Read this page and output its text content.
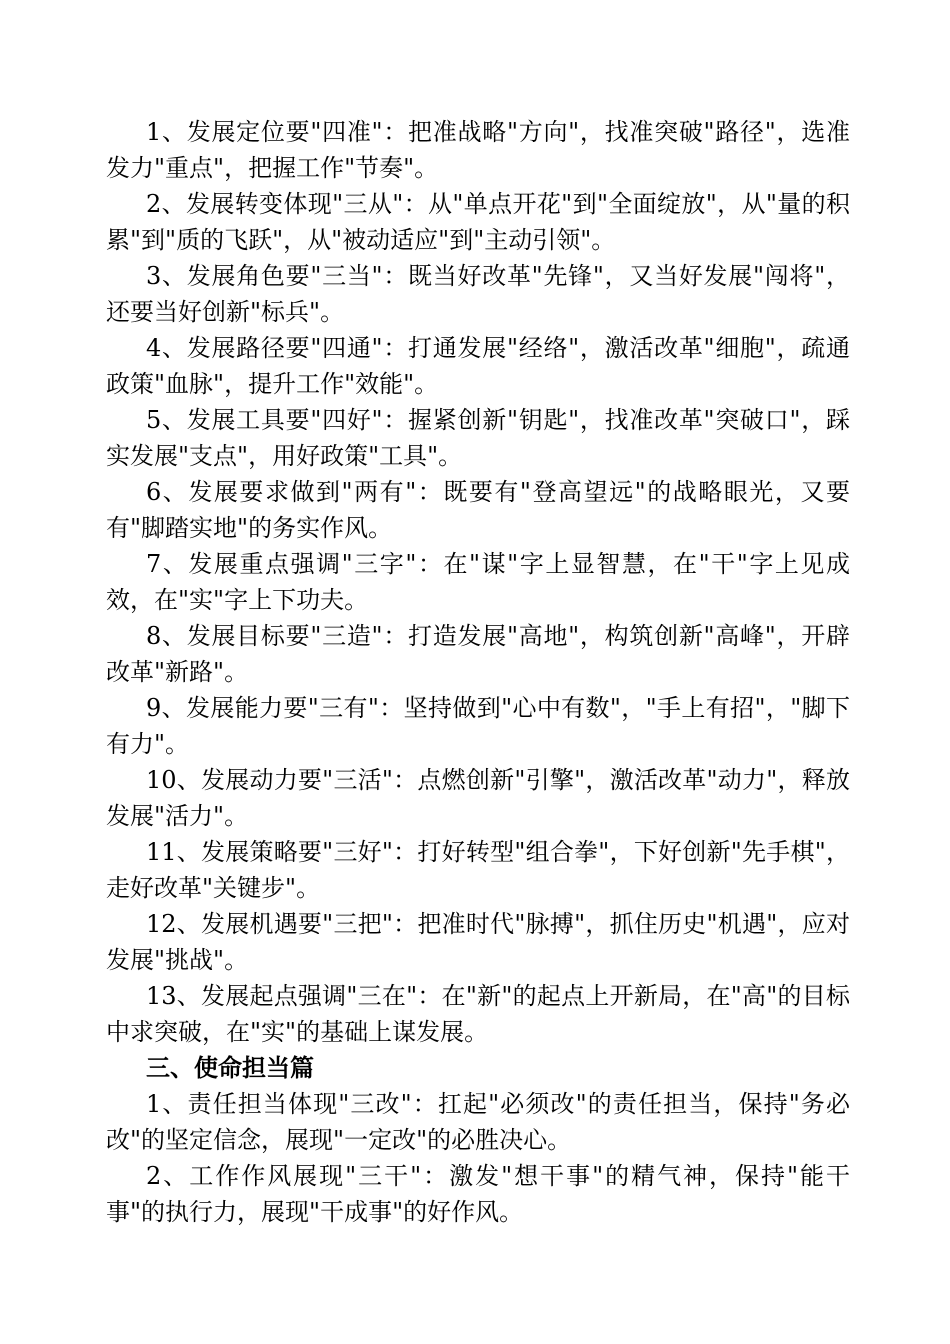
1、发展定位要"四准"：把准战略"方向"，找准突破"路径"，选准发力"重点"，把握工作"节奏"。

2、发展转变体现"三从"：从"单点开花"到"全面绽放"，从"量的积累"到"质的飞跃"，从"被动适应"到"主动引领"。

3、发展角色要"三当"：既当好改革"先锋"，又当好发展"闯将"，还要当好创新"标兵"。

4、发展路径要"四通"：打通发展"经络"，激活改革"细胞"，疏通政策"血脉"，提升工作"效能"。

5、发展工具要"四好"：握紧创新"钥匙"，找准改革"突破口"，踩实发展"支点"，用好政策"工具"。

6、发展要求做到"两有"：既要有"登高望远"的战略眼光，又要有"脚踏实地"的务实作风。

7、发展重点强调"三字"：在"谋"字上显智慧，在"干"字上见成效，在"实"字上下功夫。

8、发展目标要"三造"：打造发展"高地"，构筑创新"高峰"，开辟改革"新路"。

9、发展能力要"三有"：坚持做到"心中有数"，"手上有招"，"脚下有力"。

10、发展动力要"三活"：点燃创新"引擎"，激活改革"动力"，释放发展"活力"。

11、发展策略要"三好"：打好转型"组合拳"，下好创新"先手棋"，走好改革"关键步"。

12、发展机遇要"三把"：把准时代"脉搏"，抓住历史"机遇"，应对发展"挑战"。

13、发展起点强调"三在"：在"新"的起点上开新局，在"高"的目标中求突破，在"实"的基础上谋发展。

三、使命担当篇

1、责任担当体现"三改"：扛起"必须改"的责任担当，保持"务必改"的坚定信念，展现"一定改"的必胜决心。

2、工作作风展现"三干"：激发"想干事"的精气神，保持"能干事"的执行力，展现"干成事"的好作风。
